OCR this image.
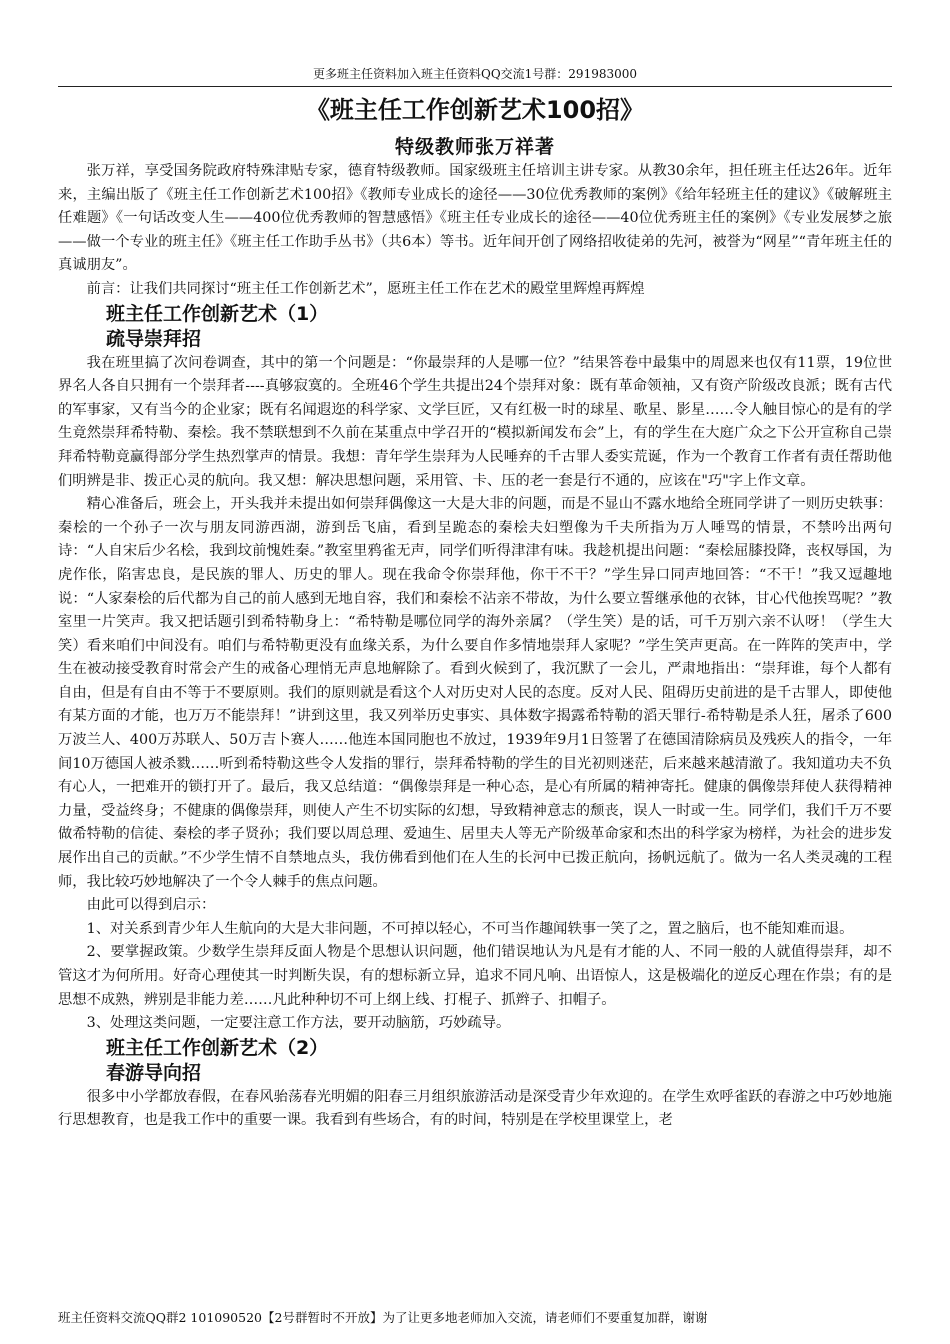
更多班主任资料加入班主任资料QQ交流1号群：291983000
《班主任工作创新艺术100招》
特级教师张万祥著

张万祥，享受国务院政府特殊津贴专家，德育特级教师。国家级班主任培训主讲专家。从教30余年，担任班主任达26年。近年来，主编出版了《班主任工作创新艺术100招》《教师专业成长的途径——30位优秀教师的案例》《给年轻班主任的建议》《破解班主任难题》《一句话改变人生——400位优秀教师的智慧感悟》《班主任专业成长的途径——40位优秀班主任的案例》《专业发展梦之旅——做一个专业的班主任》《班主任工作助手丛书》（共6本）等书。近年间开创了网络招收徒弟的先河，被誉为“网星”“青年班主任的真诚朋友”。

前言：让我们共同探讨“班主任工作创新艺术”，愿班主任工作在艺术的殿堂里辉煌再辉煌

班主任工作创新艺术（1）
疏导崇拜招

我在班里搞了次问卷调查，其中的第一个问题是：“你最崇拜的人是哪一位？”结果答卷中最集中的周恩来也仅有11票，19位世界名人各自只拥有一个崇拜者----真够寂寞的。全班46个学生共提出24个崇拜对象：既有革命领袖，又有资产阶级改良派；既有古代的军事家，又有当今的企业家；既有名闻遐迩的科学家、文学巨匠，又有红极一时的球星、歌星、影星……令人触目惊心的是有的学生竟然崇拜希特勒、秦桧。我不禁联想到不久前在某重点中学召开的“模拟新闻发布会”上，有的学生在大庭广众之下公开宣称自己崇拜希特勒竟赢得部分学生热烈掌声的情景。我想：青年学生崇拜为人民唾弃的千古罪人委实荒诞，作为一个教育工作者有责任帮助他们明辨是非、拨正心灵的航向。我又想：解决思想问题，采用管、卡、压的老一套是行不通的，应该在"巧"字上作文章。

精心准备后，班会上，开头我并未提出如何崇拜偶像这一大是大非的问题，而是不显山不露水地给全班同学讲了一则历史轶事：秦桧的一个孙子一次与朋友同游西湖，游到岳飞庙，看到呈跪态的秦桧夫妇塑像为千夫所指为万人唾骂的情景，不禁吟出两句诗：“人自宋后少名桧，我到坟前愧姓秦。”教室里鸦雀无声，同学们听得津津有味。我趁机提出问题：“秦桧屈膝投降，丧权辱国，为虎作伥，陷害忠良，是民族的罪人、历史的罪人。现在我命令你崇拜他，你干不干？”学生异口同声地回答：“不干！”我又逗趣地说：“人家秦桧的后代都为自己的前人感到无地自容，我们和秦桧不沾亲不带故，为什么要立誓继承他的衣钵，甘心代他挨骂呢？”教室里一片笑声。我又把话题引到希特勒身上：“希特勒是哪位同学的海外亲属？（学生笑）是的话，可千万别六亲不认呀！（学生大笑）看来咱们中间没有。咱们与希特勒更没有血缘关系，为什么要自作多情地崇拜人家呢？”学生笑声更高。在一阵阵的笑声中，学生在被动接受教育时常会产生的戒备心理悄无声息地解除了。看到火候到了，我沉默了一会儿，严肃地指出：“崇拜谁，每个人都有自由，但是有自由不等于不要原则。我们的原则就是看这个人对历史对人民的态度。反对人民、阻碍历史前进的是千古罪人，即使他有某方面的才能，也万万不能崇拜！”讲到这里，我又列举历史事实、具体数字揭露希特勒的滔天罪行-希特勒是杀人狂，屠杀了600万波兰人、400万苏联人、50万吉卜赛人……他连本国同胞也不放过，1939年9月1日签署了在德国清除病员及残疾人的指令，一年间10万德国人被杀戮……听到希特勒这些令人发指的罪行，崇拜希特勒的学生的目光初则迷茫，后来越来越清澈了。我知道功夫不负有心人，一把难开的锁打开了。最后，我又总结道：“偶像崇拜是一种心态，是心有所属的精神寄托。健康的偶像崇拜使人获得精神力量，受益终身；不健康的偶像崇拜，则使人产生不切实际的幻想，导致精神意志的颓丧，误人一时或一生。同学们，我们千万不要做希特勒的信徒、秦桧的孝子贤孙；我们要以周总理、爱迪生、居里夫人等无产阶级革命家和杰出的科学家为榜样，为社会的进步发展作出自己的贡献。”不少学生情不自禁地点头，我仿佛看到他们在人生的长河中已拨正航向，扬帆远航了。做为一名人类灵魂的工程师，我比较巧妙地解决了一个令人棘手的焦点问题。

由此可以得到启示：

1、对关系到青少年人生航向的大是大非问题，不可掉以轻心，不可当作趣闻轶事一笑了之，置之脑后，也不能知难而退。

2、要掌握政策。少数学生崇拜反面人物是个思想认识问题，他们错误地认为凡是有才能的人、不同一般的人就值得崇拜，却不管这才为何所用。好奇心理使其一时判断失误，有的想标新立异，追求不同凡响、出语惊人，这是极端化的逆反心理在作祟；有的是思想不成熟，辨别是非能力差……凡此种种切不可上纲上线、打棍子、抓辫子、扣帽子。

3、处理这类问题，一定要注意工作方法，要开动脑筋，巧妙疏导。

班主任工作创新艺术（2）
春游导向招

很多中小学都放春假，在春风骀荡春光明媚的阳春三月组织旅游活动是深受青少年欢迎的。在学生欢呼雀跃的春游之中巧妙地施行思想教育，也是我工作中的重要一课。我看到有些场合，有的时间，特别是在学校里课堂上，老

班主任资料交流QQ群2 101090520【2号群暂时不开放】为了让更多地老师加入交流，请老师们不要重复加群，谢谢
